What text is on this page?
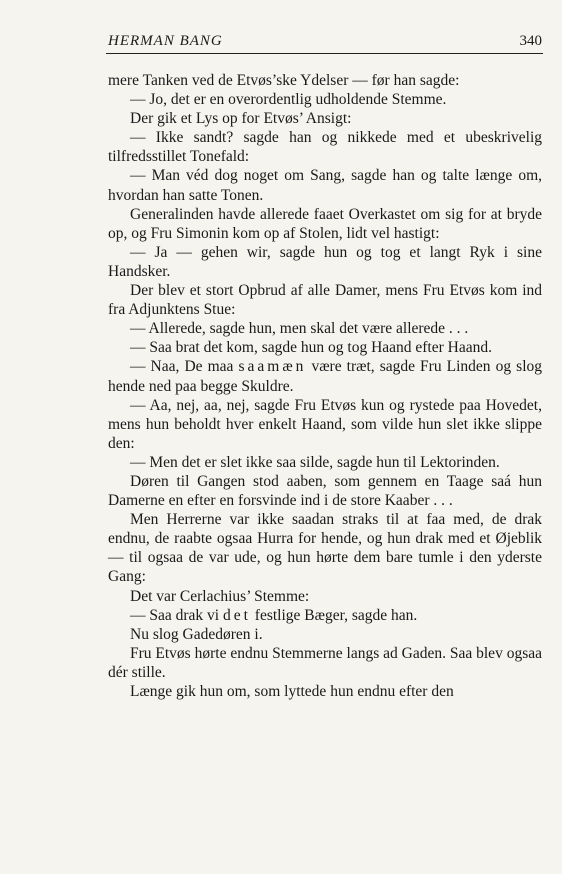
HERMAN BANG	340

mere Tanken ved de Etvøs’ske Ydelser — før han sagde:

— Jo, det er en overordentlig udholdende Stemme.

Der gik et Lys op for Etvøs’ Ansigt:

— Ikke sandt? sagde han og nikkede med et ubeskrivelig tilfredsstillet Tonefald:

— Man véd dog noget om Sang, sagde han og talte længe om, hvordan han satte Tonen.

Generalinden havde allerede faaet Overkastet om sig for at bryde op, og Fru Simonin kom op af Stolen, lidt vel hastigt:

— Ja — gehen wir, sagde hun og tog et langt Ryk i sine Handsker.

Der blev et stort Opbrud af alle Damer, mens Fru Etvøs kom ind fra Adjunktens Stue:

— Allerede, sagde hun, men skal det være allerede . . .

— Saa brat det kom, sagde hun og tog Haand efter Haand.

— Naa, De maa saamæn være træt, sagde Fru Linden og slog hende ned paa begge Skuldre.

— Aa, nej, aa, nej, sagde Fru Etvøs kun og rystede paa Hovedet, mens hun beholdt hver enkelt Haand, som vilde hun slet ikke slippe den:

— Men det er slet ikke saa silde, sagde hun til Lektorinden.

Døren til Gangen stod aaben, som gennem en Taage saá hun Damerne en efter en forsvinde ind i de store Kaaber . . .

Men Herrerne var ikke saadan straks til at faa med, de drak endnu, de raabte ogsaa Hurra for hende, og hun drak med et Øjeblik — til ogsaa de var ude, og hun hørte dem bare tumle i den yderste Gang:

Det var Cerlachius’ Stemme:

— Saa drak vi det festlige Bæger, sagde han.

Nu slog Gadedøren i.

Fru Etvøs hørte endnu Stemmerne langs ad Gaden. Saa blev ogsaa dér stille.

Længe gik hun om, som lyttede hun endnu efter den
